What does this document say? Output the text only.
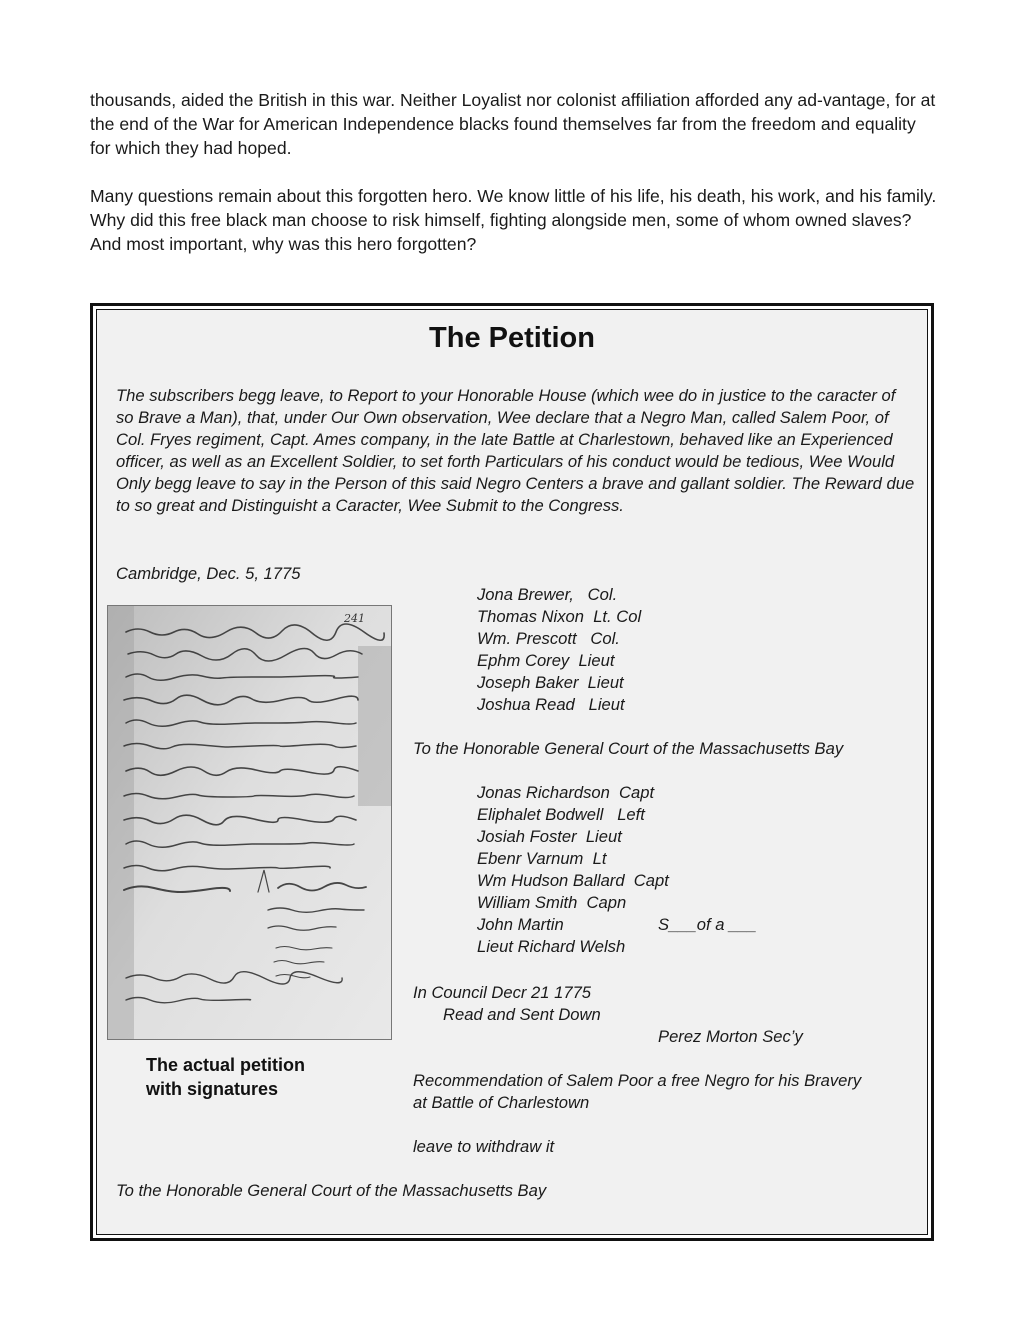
thousands, aided the British in this war. Neither Loyalist nor colonist affiliation afforded any ad-vantage, for at the end of the War for American Independence blacks found themselves far from the freedom and equality for which they had hoped.

Many questions remain about this forgotten hero. We know little of his life, his death, his work, and his family. Why did this free black man choose to risk himself, fighting alongside men, some of whom owned slaves? And most important, why was this hero forgotten?

The Petition
The subscribers begg leave, to Report to your Honorable House (which wee do in justice to the caracter of so Brave a Man), that, under Our Own observation, Wee declare that a Negro Man, called Salem Poor, of Col. Fryes regiment, Capt. Ames company, in the late Battle at Charlestown, behaved like an Experienced officer, as well as an Excellent Soldier, to set forth Particulars of his conduct would be tedious, Wee Would Only begg leave to say in the Person of this said Negro Centers a brave and gallant soldier. The Reward due to so great and Distinguisht a Caracter, Wee Submit to the Congress.
Cambridge, Dec. 5, 1775
Jona Brewer,   Col.
Thomas Nixon  Lt. Col
Wm. Prescott   Col.
Ephm Corey  Lieut
Joseph Baker  Lieut
Joshua Read   Lieut
To the Honorable General Court of the Massachusetts Bay
Jonas Richardson  Capt
Eliphalet Bodwell   Left
Josiah Foster  Lieut
Ebenr Varnum  Lt
Wm Hudson Ballard  Capt
William Smith  Capn
John Martin
Lieut Richard Welsh
S___of a ___
In Council Decr 21 1775
Read and Sent Down
Perez Morton Sec’y
Recommendation of Salem Poor a free Negro for his Bravery
at Battle of Charlestown
leave to withdraw it
To the Honorable General Court of the Massachusetts Bay
241
The actual petition
with signatures
